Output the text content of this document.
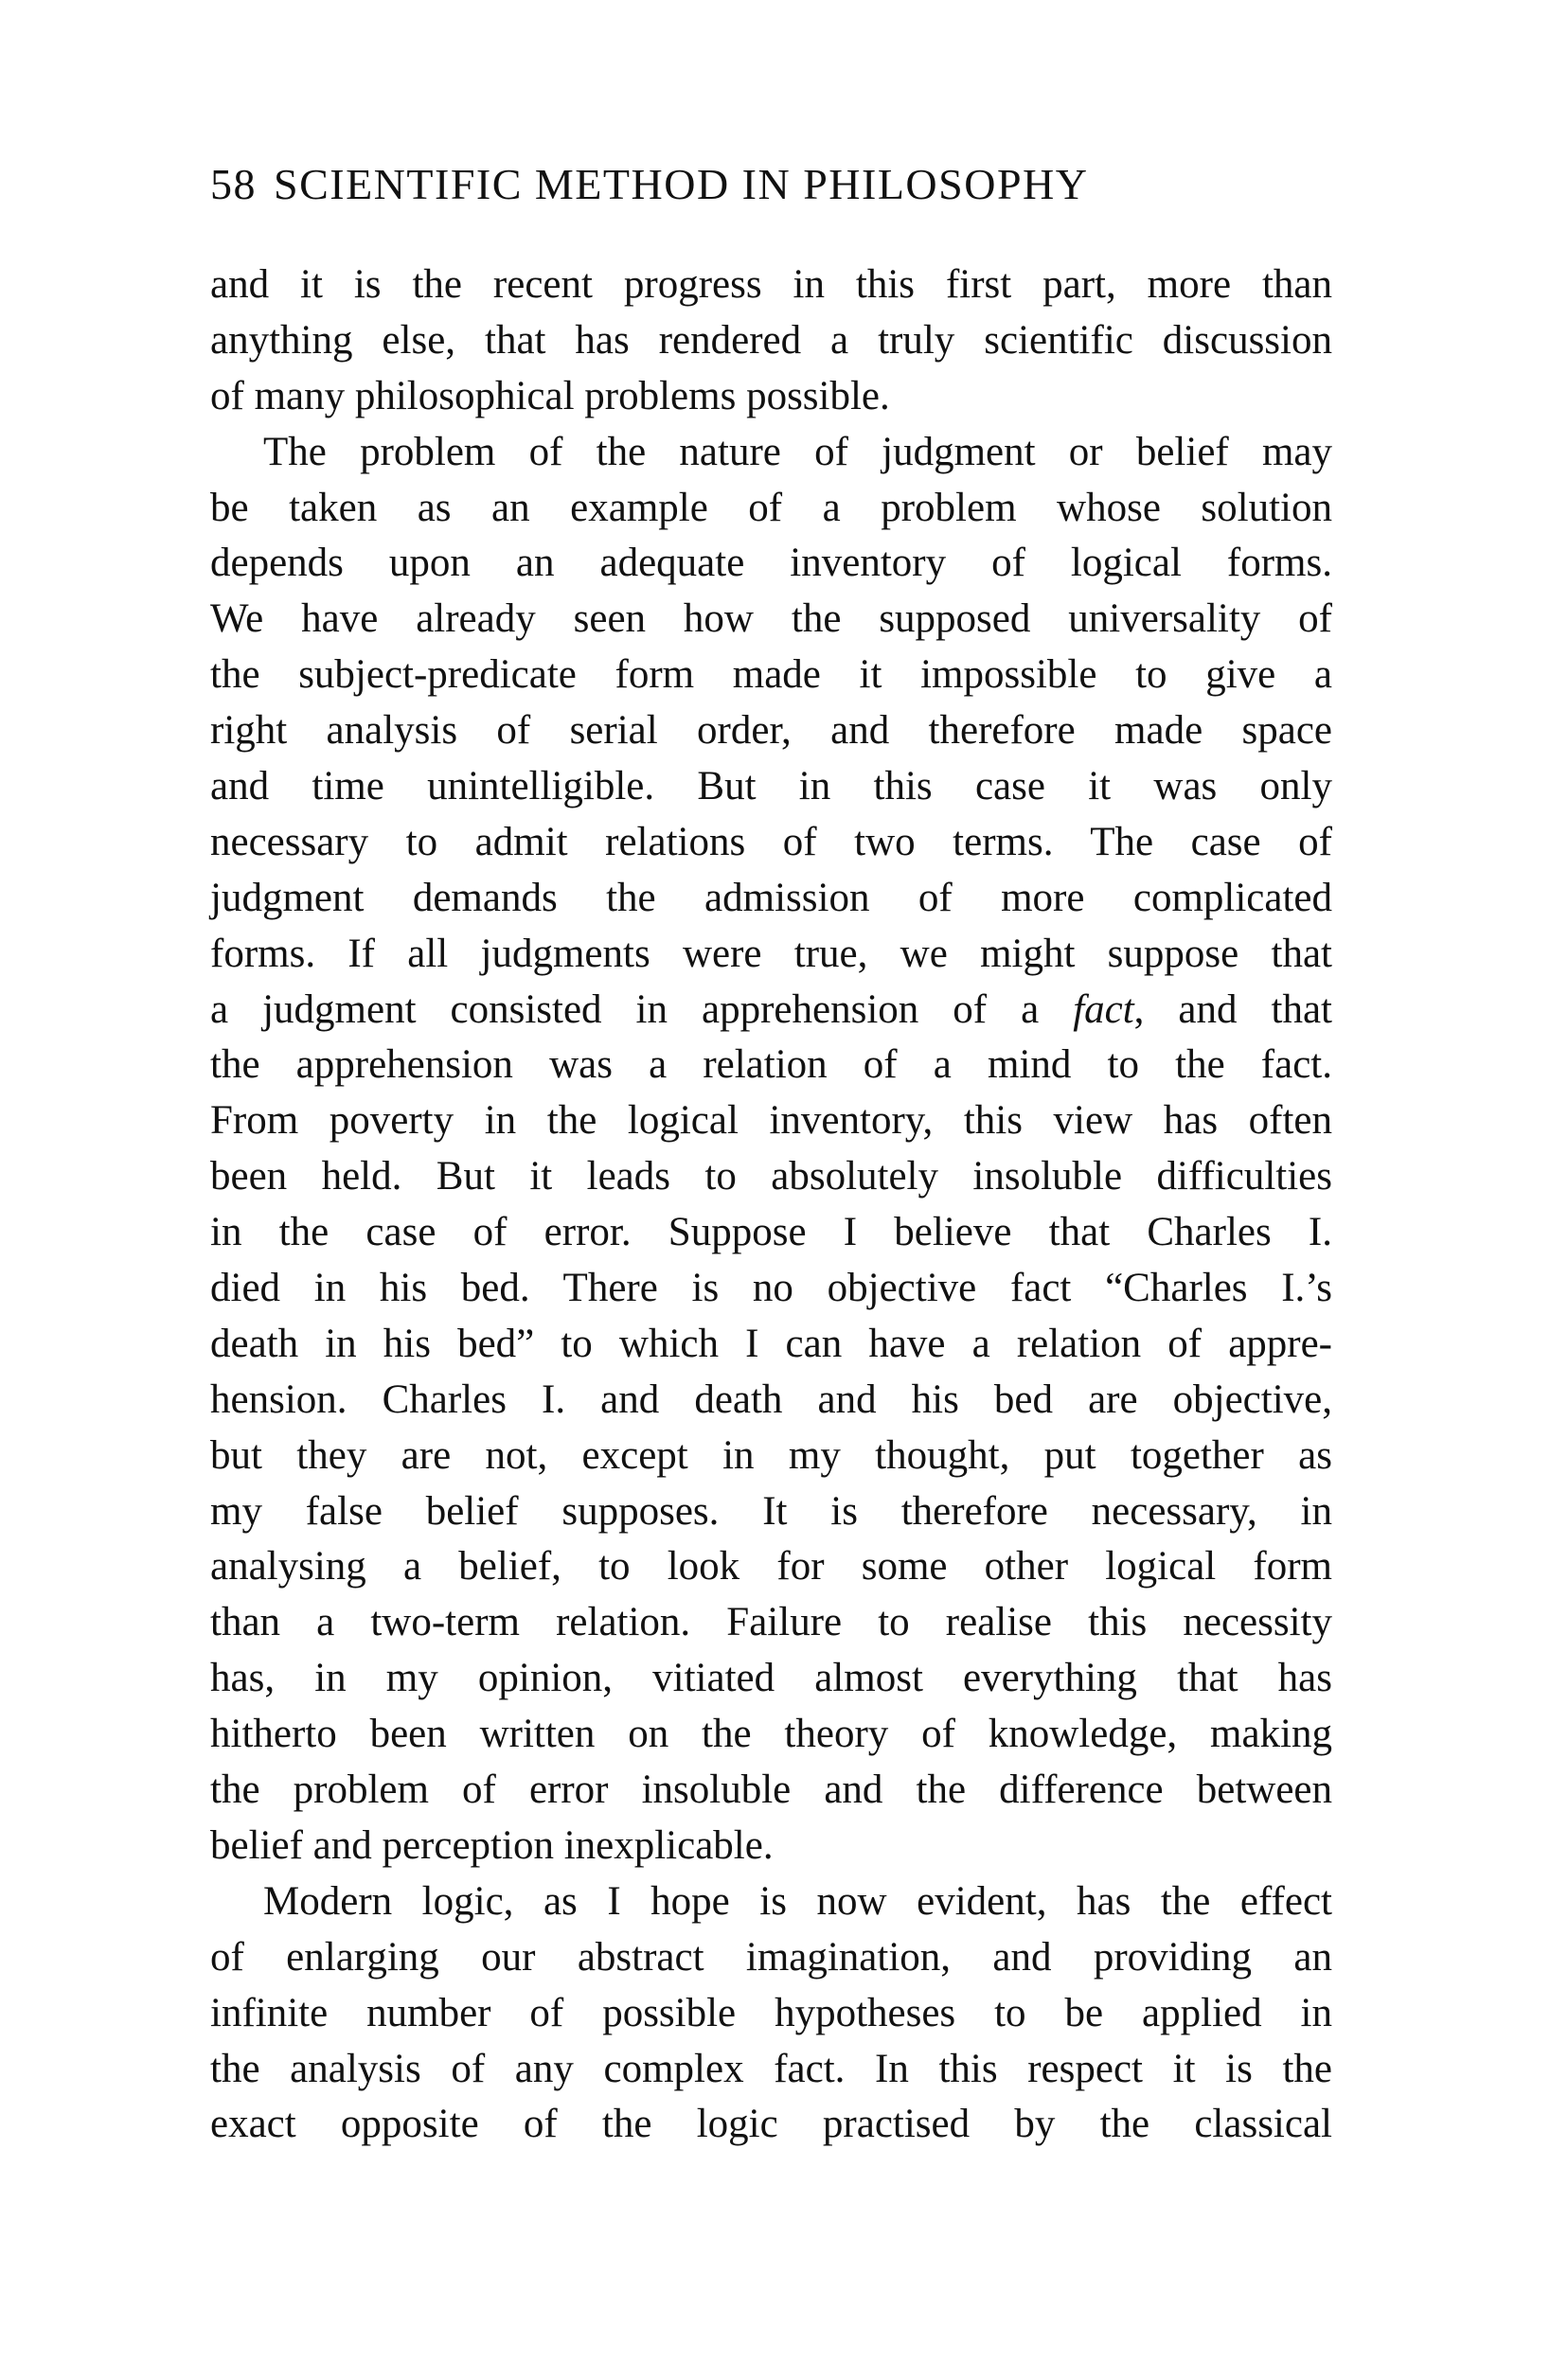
58 SCIENTIFIC METHOD IN PHILOSOPHY
and it is the recent progress in this first part, more than
anything else, that has rendered a truly scientific discussion
of many philosophical problems possible.
The problem of the nature of judgment or belief may
be taken as an example of a problem whose solution
depends upon an adequate inventory of logical forms.
We have already seen how the supposed universality of
the subject-predicate form made it impossible to give a
right analysis of serial order, and therefore made space
and time unintelligible. But in this case it was only
necessary to admit relations of two terms. The case of
judgment demands the admission of more complicated
forms. If all judgments were true, we might suppose that
a judgment consisted in apprehension of a fact, and that
the apprehension was a relation of a mind to the fact.
From poverty in the logical inventory, this view has often
been held. But it leads to absolutely insoluble difficulties
in the case of error. Suppose I believe that Charles I.
died in his bed. There is no objective fact “Charles I.’s
death in his bed” to which I can have a relation of appre-
hension. Charles I. and death and his bed are objective,
but they are not, except in my thought, put together as
my false belief supposes. It is therefore necessary, in
analysing a belief, to look for some other logical form
than a two-term relation. Failure to realise this necessity
has, in my opinion, vitiated almost everything that has
hitherto been written on the theory of knowledge, making
the problem of error insoluble and the difference between
belief and perception inexplicable.
Modern logic, as I hope is now evident, has the effect
of enlarging our abstract imagination, and providing an
infinite number of possible hypotheses to be applied in
the analysis of any complex fact. In this respect it is the
exact opposite of the logic practised by the classical
